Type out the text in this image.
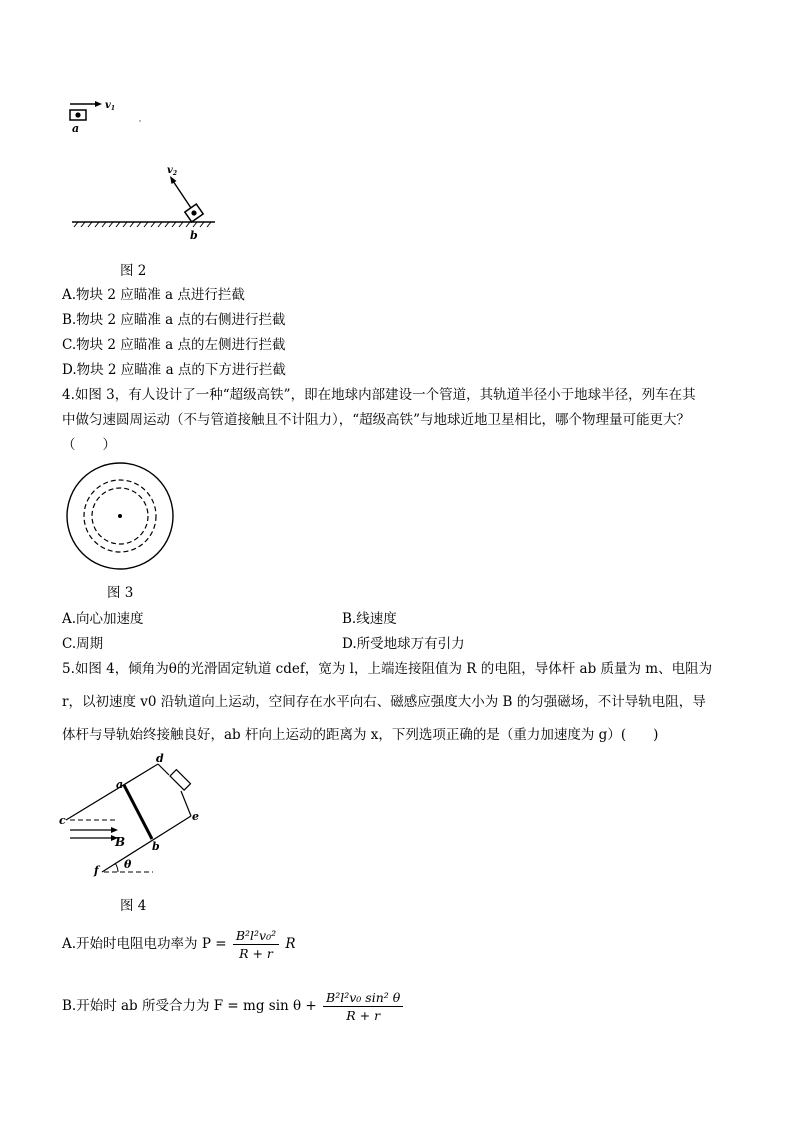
$v_1$
a
$v_2$
b
图 2
A.物块 2 应瞄准 a 点进行拦截
B.物块 2 应瞄准 a 点的右侧进行拦截
C.物块 2 应瞄准 a 点的左侧进行拦截
D.物块 2 应瞄准 a 点的下方进行拦截
4.如图 3，有人设计了一种“超级高铁”，即在地球内部建设一个管道，其轨道半径小于地球半径，列车在其
中做匀速圆周运动（不与管道接触且不计阻力），“超级高铁”与地球近地卫星相比，哪个物理量可能更大？
（　　）
图 3
A.向心加速度	B.线速度
C.周期	D.所受地球万有引力
5.如图 4，倾角为θ的光滑固定轨道 cdef，宽为 l，上端连接阻值为 R 的电阻，导体杆 ab 质量为 m、电阻为
r，以初速度 v0 沿轨道向上运动，空间存在水平向右、磁感应强度大小为 B 的匀强磁场，不计导轨电阻，导
体杆与导轨始终接触良好，ab 杆向上运动的距离为 x，下列选项正确的是（重力加速度为 g）(　　)
a
d
c	e
b
B
f θ
图 4
A.开始时电阻电功率为 $P = \frac{\text{B²l²v₀²}}{R + r}$ R
B.开始时 ab 所受合力为 F = mg $\sin \theta + \frac{\text{B²l²v₀ sin² θ}}{R + r}$
